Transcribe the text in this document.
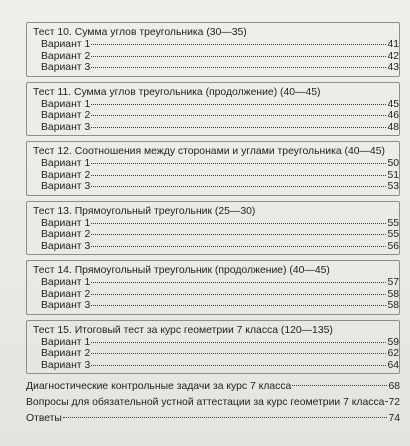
Тест 10. Сумма углов треугольника (30—35)
Вариант 1	41
Вариант 2	42
Вариант 3	43
Тест 11. Сумма углов треугольника (продолжение) (40—45)
Вариант 1	45
Вариант 2	46
Вариант 3	48
Тест 12. Соотношения между сторонами и углами треугольника (40—45)
Вариант 1	50
Вариант 2	51
Вариант 3	53
Тест 13. Прямоугольный треугольник (25—30)
Вариант 1	55
Вариант 2	55
Вариант 3	56
Тест 14. Прямоугольный треугольник (продолжение) (40—45)
Вариант 1	57
Вариант 2	58
Вариант 3	58
Тест 15. Итоговый тест за курс геометрии 7 класса (120—135)
Вариант 1	59
Вариант 2	62
Вариант 3	64
Диагностические контрольные задачи за курс 7 класса	68
Вопросы для обязательной устной аттестации за курс геометрии 7 класса 72
Ответы	74
